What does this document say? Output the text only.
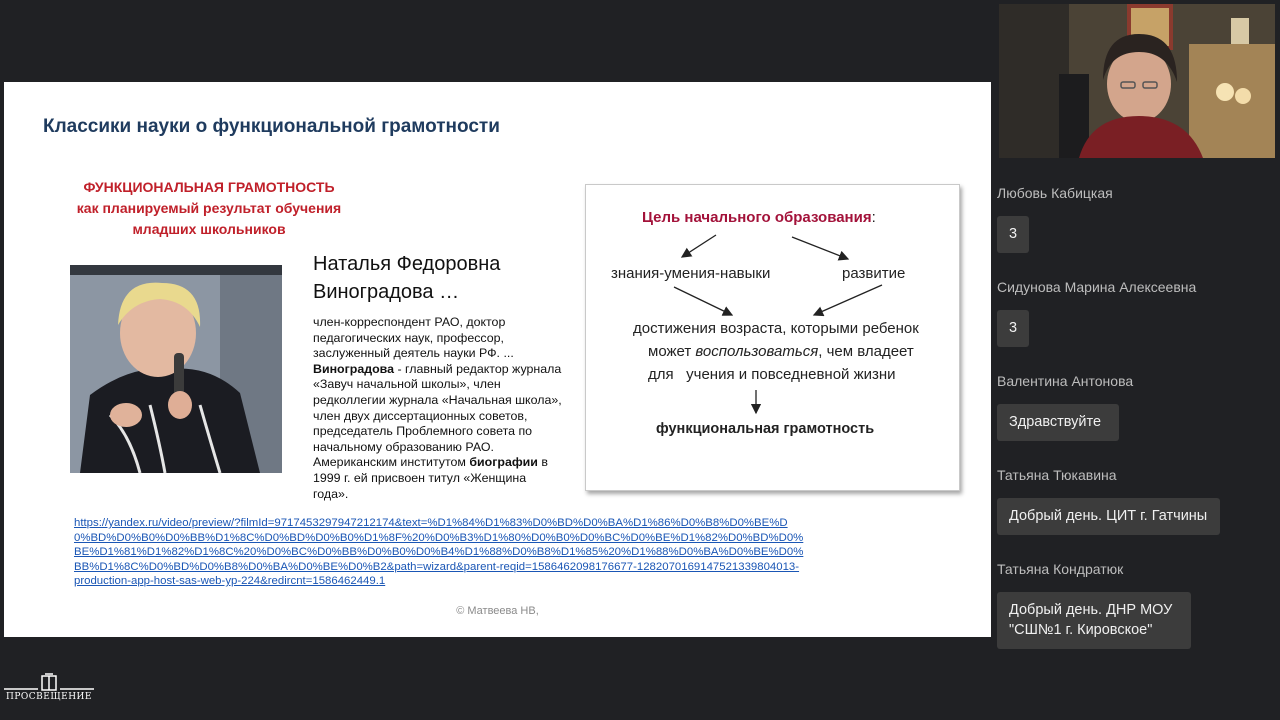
Классики науки о функциональной грамотности
ФУНКЦИОНАЛЬНАЯ ГРАМОТНОСТЬ
как планируемый результат обучения
младших школьников
Наталья Федоровна
Виноградова …
член-корреспондент РАО, доктор педагогических наук, профессор, заслуженный деятель науки РФ. ... Виноградова - главный редактор журнала «Завуч начальной школы», член редколлегии журнала «Начальная школа», член двух диссертационных советов, председатель Проблемного совета по начальному образованию РАО. Американским институтом биографии в 1999 г. ей присвоен титул «Женщина года».
Цель начального образования:
знания-умения-навыки	развитие
достижения возраста, которыми ребенок
может воспользоваться, чем владеет
для   учения и повседневной жизни
функциональная грамотность
https://yandex.ru/video/preview/?filmId=9717453297947212174&text=%D1%84%D1%83%D0%BD%D0%BA%D1%86%D0%B8%D0%BE%D0%BD%D0%B0%D0%BB%D1%8C%D0%BD%D0%B0%D1%8F%20%D0%B3%D1%80%D0%B0%D0%BC%D0%BE%D1%82%D0%BD%D0%BE%D1%81%D1%82%D1%8C%20%D0%BC%D0%BB%D0%B0%D0%B4%D1%88%D0%B8%D1%85%20%D1%88%D0%BA%D0%BE%D0%BB%D1%8C%D0%BD%D0%B8%D0%BA%D0%BE%D0%B2&path=wizard&parent-reqid=1586462098176677-1282070169147521339804013-production-app-host-sas-web-yp-224&redircnt=1586462449.1
© Матвеева НВ,
Любовь Кабицкая
3
Сидунова Марина Алексеевна
3
Валентина Антонова
Здравствуйте
Татьяна Тюкавина
Добрый день. ЦИТ г. Гатчины
Татьяна Кондратюк
Добрый день. ДНР МОУ "СШ№1 г. Кировское"
ПРОСВЕЩЕНИЕ
